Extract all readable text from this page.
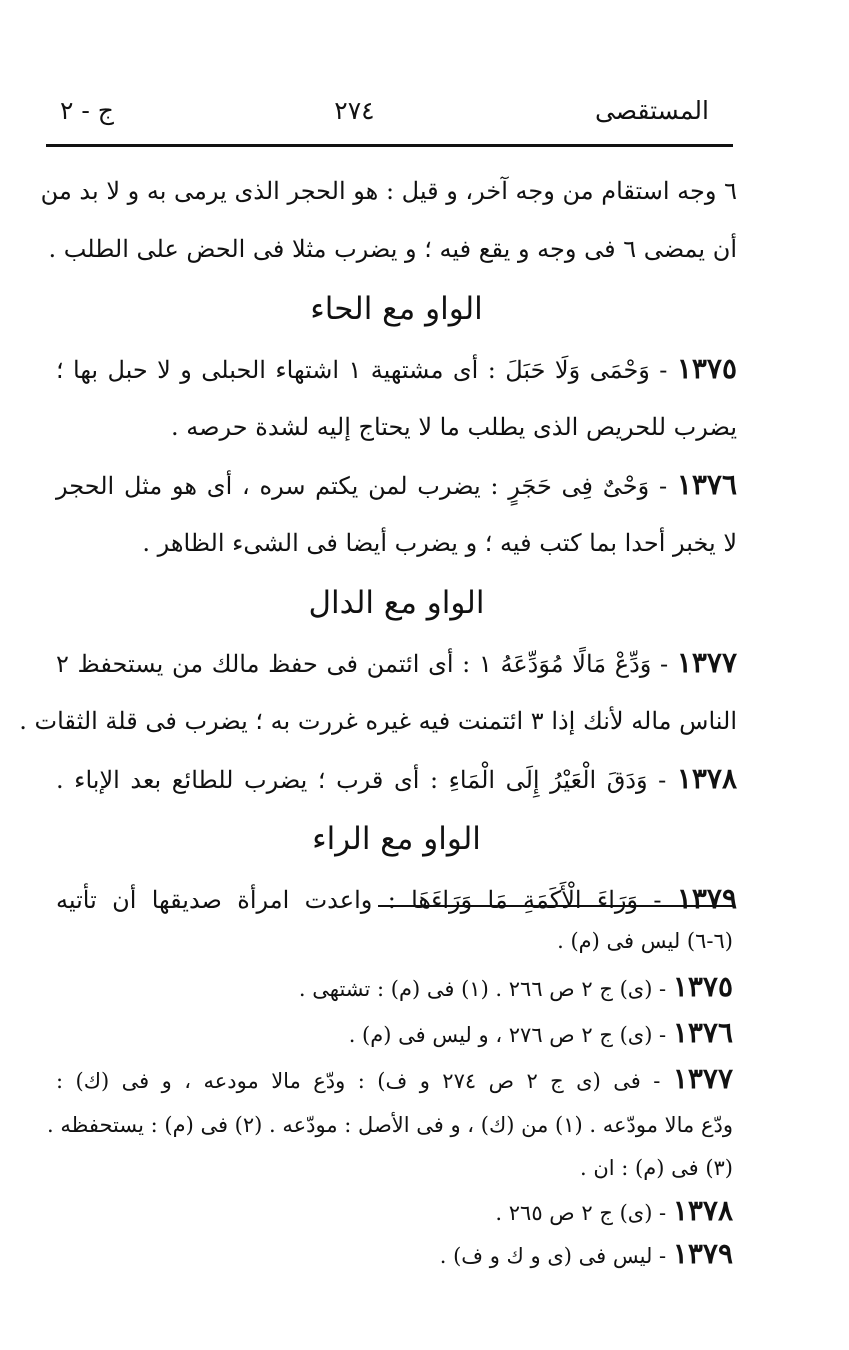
المستقصى
٢٧٤
ج - ٢
٦ وجه استقام من وجه آخر، و قيل : هو الحجر الذى يرمى به و لا بد من
أن يمضى ٦ فى وجه و يقع فيه ؛ و يضرب مثلا فى الحض على الطلب .
الواو مع الحاء
١٣٧٥ - وَحْمَى وَلَا حَبَلَ : أى مشتهية ١ اشتهاء الحبلى و لا حبل بها ؛
يضرب للحريص الذى يطلب ما لا يحتاج إليه لشدة حرصه .
١٣٧٦ - وَحْىٌ فِى حَجَرٍ : يضرب لمن يكتم سره ، أى هو مثل الحجر
لا يخبر أحدا بما كتب فيه ؛ و يضرب أيضا فى الشىء الظاهر .
الواو مع الدال
١٣٧٧ - وَدِّعْ مَالًا مُوَدِّعَهُ ١ : أى ائتمن فى حفظ مالك من يستحفظ ٢
الناس ماله لأنك إذا ٣ ائتمنت فيه غيره غررت به ؛ يضرب فى قلة الثقات .
١٣٧٨ - وَدَقَ الْعَيْرُ إِلَى الْمَاءِ : أى قرب ؛ يضرب للطائع بعد الإباء .
الواو مع الراء
١٣٧٩ - وَرَاءَ الْأَكَمَةِ مَا وَرَاءَهَا : واعدت امرأة صديقها أن تأتيه
(٦-٦) ليس فى (م) .
١٣٧٥ - (ى) ج ٢ ص ٢٦٦ . (١) فى (م) : تشتهى .
١٣٧٦ - (ى) ج ٢ ص ٢٧٦ ، و ليس فى (م) .
١٣٧٧ - فى (ى ج ٢ ص ٢٧٤ و ف) : ودّع مالا مودعه ، و فى (ك) :
ودّع مالا مودّعه . (١) من (ك) ، و فى الأصل : مودّعه . (٢) فى (م) : يستحفظه .
(٣) فى (م) : ان .
١٣٧٨ - (ى) ج ٢ ص ٢٦٥ .
١٣٧٩ - ليس فى (ى و ك و ف) .
